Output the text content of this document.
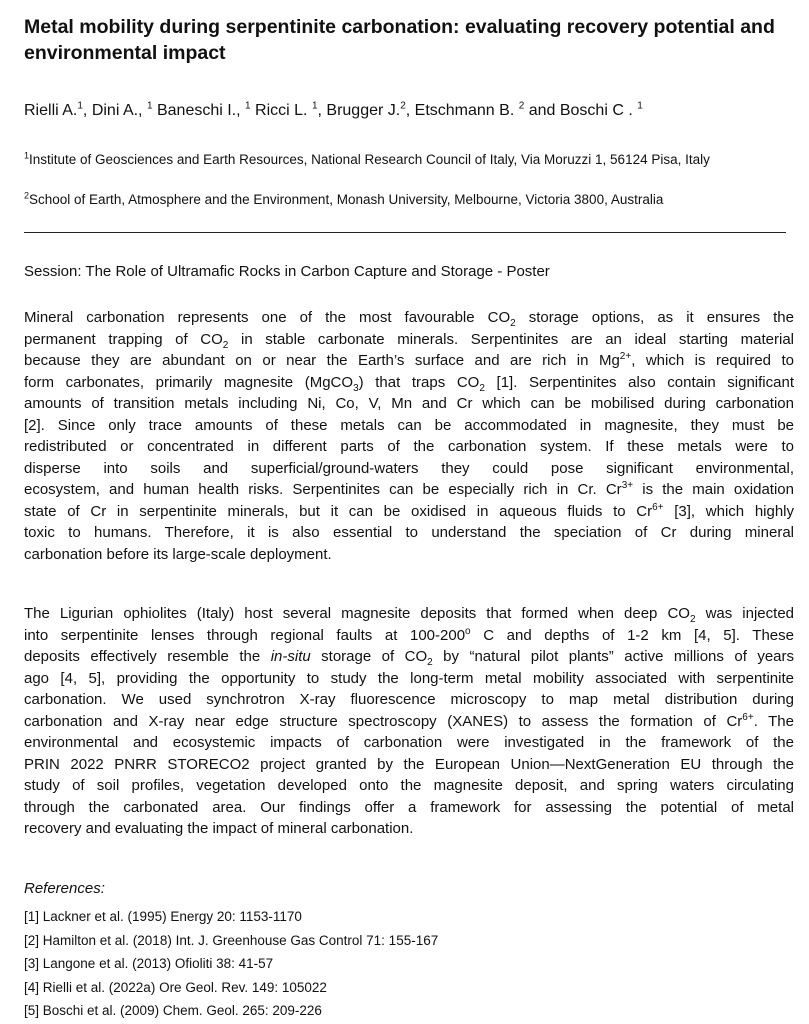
Metal mobility during serpentinite carbonation: evaluating recovery potential and environmental impact
Rielli A.$^1$, Dini A., $^1$ Baneschi I., $^1$ Ricci L. $^1$, Brugger J.$^2$, Etschmann B. $^2$ and Boschi C . $^1$
$^1$Institute of Geosciences and Earth Resources, National Research Council of Italy, Via Moruzzi 1, 56124 Pisa, Italy
$^2$School of Earth, Atmosphere and the Environment, Monash University, Melbourne, Victoria 3800, Australia
Session: The Role of Ultramafic Rocks in Carbon Capture and Storage - Poster
Mineral carbonation represents one of the most favourable $CO_2$ storage options, as it ensures the
permanent trapping of $CO_2$ in stable carbonate minerals. Serpentinites are an ideal starting material
because they are abundant on or near the Earth’s surface and are rich in $Mg^{2+}$, which is required to
form carbonates, primarily magnesite (MgCO$_3$) that traps $CO_2$ [1]. Serpentinites also contain significant
amounts of transition metals including Ni, Co, V, Mn and Cr which can be mobilised during carbonation
[2]. Since only trace amounts of these metals can be accommodated in magnesite, they must be
redistributed or concentrated in different parts of the carbonation system. If these metals were to
disperse into soils and superficial/ground-waters they could pose significant environmental,
ecosystem, and human health risks. Serpentinites can be especially rich in Cr. $Cr^{3+}$ is the main oxidation
state of Cr in serpentinite minerals, but it can be oxidised in aqueous fluids to $Cr^{6+}$ [3], which highly
toxic to humans. Therefore, it is also essential to understand the speciation of Cr during mineral
carbonation before its large-scale deployment.
The Ligurian ophiolites (Italy) host several magnesite deposits that formed when deep $CO_2$ was injected
into serpentinite lenses through regional faults at 100-200$^o$ C and depths of 1-2 km [4, 5]. These
deposits effectively resemble the in-situ storage of $CO_2$ by “natural pilot plants” active millions of years
ago [4, 5], providing the opportunity to study the long-term metal mobility associated with serpentinite
carbonation. We used synchrotron X-ray fluorescence microscopy to map metal distribution during
carbonation and X-ray near edge structure spectroscopy (XANES) to assess the formation of $Cr^{6+}$. The
environmental and ecosystemic impacts of carbonation were investigated in the framework of the
PRIN 2022 PNRR STORECO2 project granted by the European Union—NextGeneration EU through the
study of soil profiles, vegetation developed onto the magnesite deposit, and spring waters circulating
through the carbonated area. Our findings offer a framework for assessing the potential of metal
recovery and evaluating the impact of mineral carbonation.
References:
[1] Lackner et al. (1995) Energy 20: 1153-1170
[2] Hamilton et al. (2018) Int. J. Greenhouse Gas Control 71: 155-167
[3] Langone et al. (2013) Ofioliti 38: 41-57
[4] Rielli et al. (2022a) Ore Geol. Rev. 149: 105022
[5] Boschi et al. (2009) Chem. Geol. 265: 209-226
